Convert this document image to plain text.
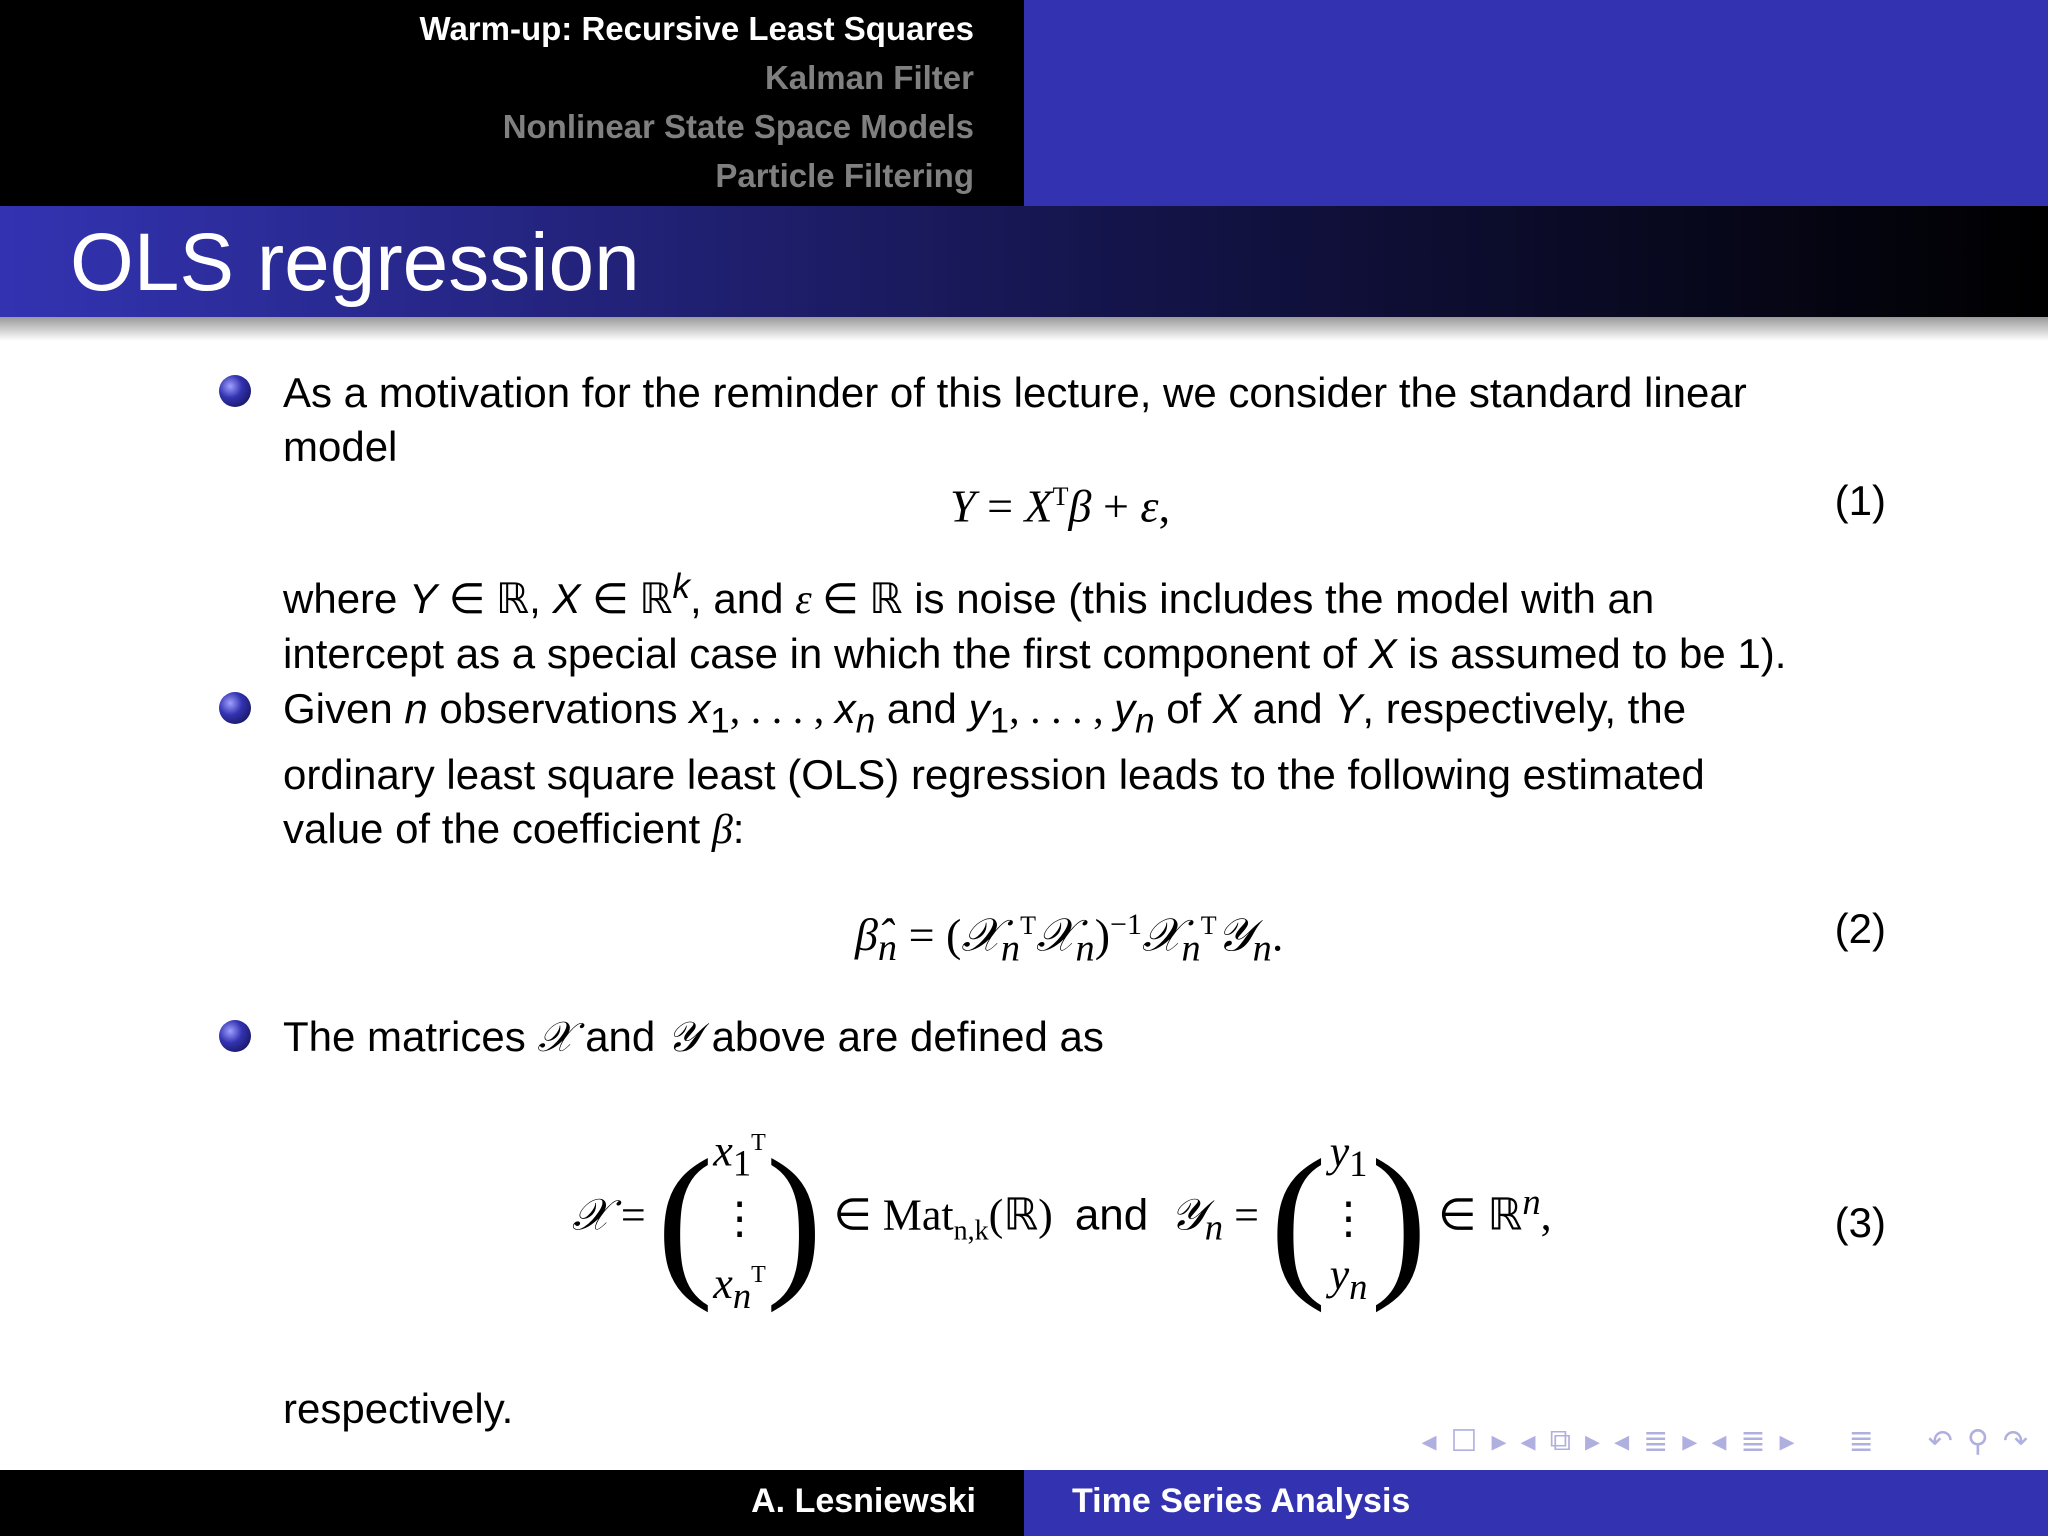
Warm-up: Recursive Least Squares
Kalman Filter
Nonlinear State Space Models
Particle Filtering
OLS regression
As a motivation for the reminder of this lecture, we consider the standard linear
model
$Y = X^T\beta + \varepsilon$,	(1)
where Y ∈ ℝ, X ∈ ℝ$^k$, and ε ∈ ℝ is noise (this includes the model with an
intercept as a special case in which the first component of X is assumed to be 1).
Given n observations $x_1$, . . . , $x_n$ and $y_1$, . . . , $y_n$ of X and Y, respectively, the
ordinary least square least (OLS) regression leads to the following estimated
value of the coefficient β:
$\betâ_n$ = (𝒳$_n^T$𝒳$_n$)$^{-1}$𝒳$_n^T$𝒴$_n$.	(2)
The matrices 𝒳 and 𝒴 above are defined as
𝒳 = ($x_1^T$
⋮
$x_n^T$) ∈ Mat$_{n,k}$(ℝ)  and 𝒴$_n$ = ($y_1$
⋮
$y_n$) ∈ ℝ$^n$,	(3)
respectively.
◂ ☐ ▸ ◂ ⧉ ▸ ◂ ≣ ▸ ◂ ≣ ▸ ≣ ↶ ⚲ ↷
A. Lesniewski	Time Series Analysis
